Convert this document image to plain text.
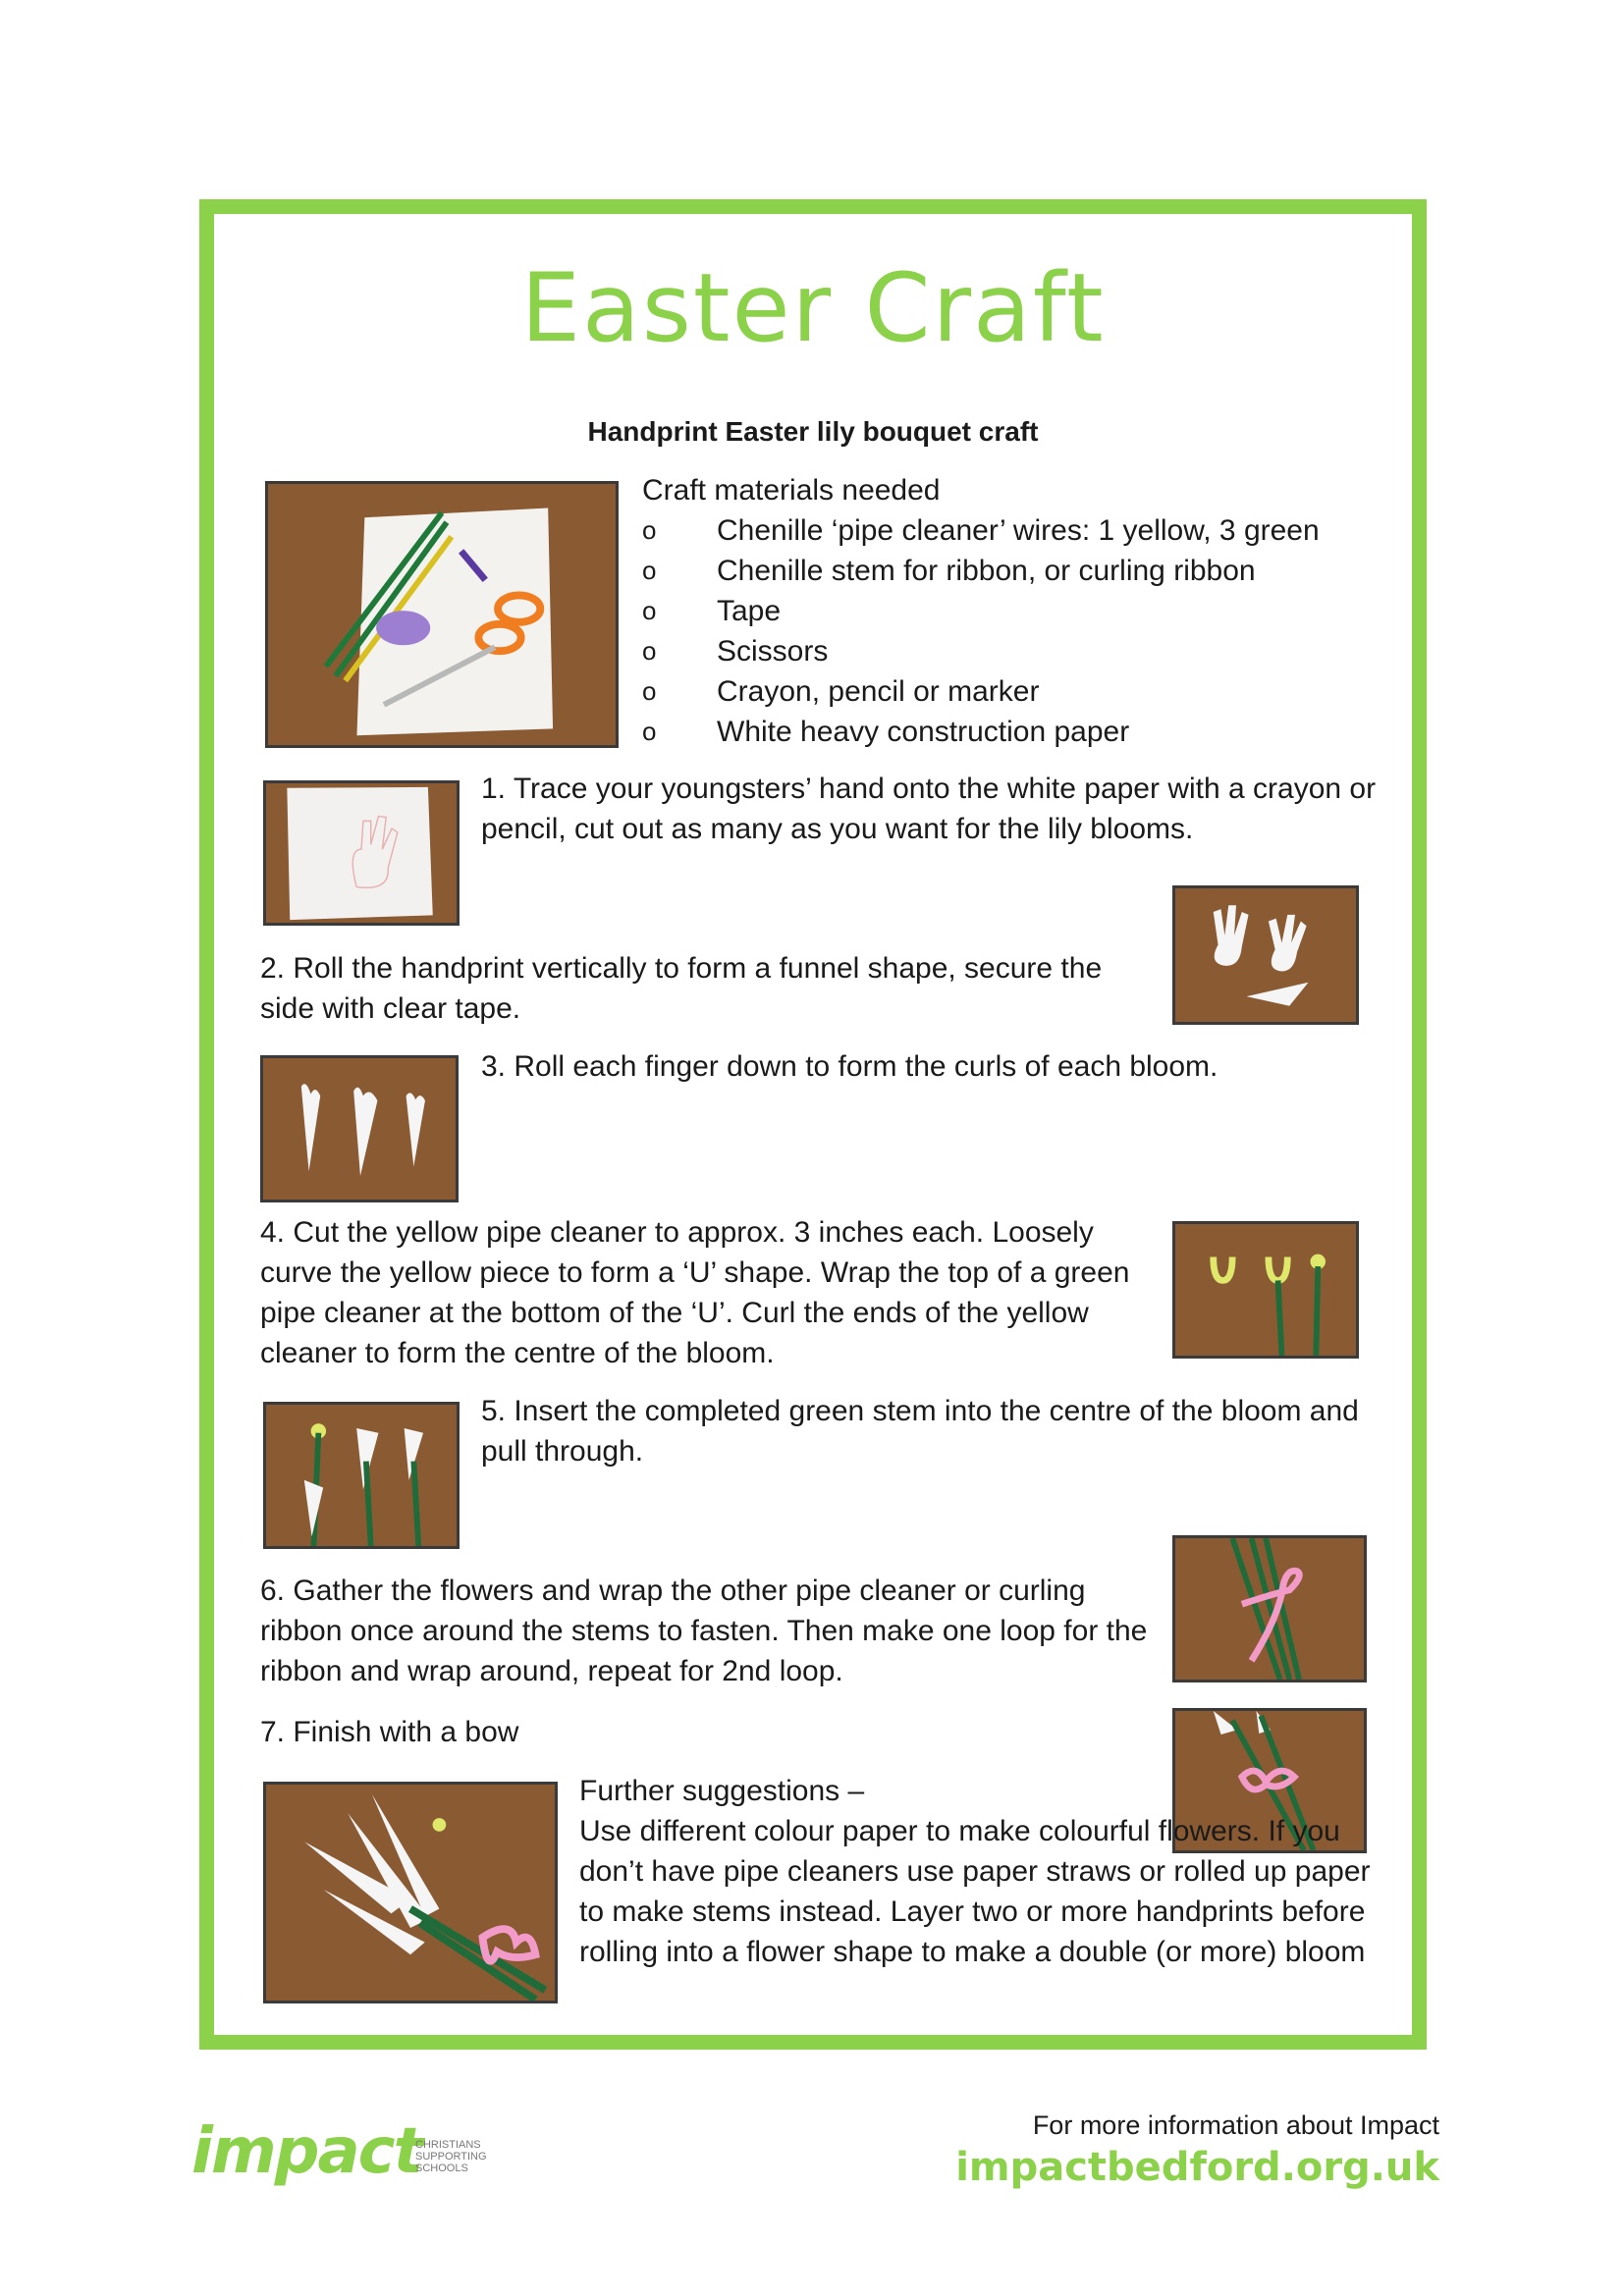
Easter Craft
Handprint Easter lily bouquet craft
Craft materials needed
o Chenille ‘pipe cleaner’ wires: 1 yellow, 3 green
o Chenille stem for ribbon, or curling ribbon
o Tape
o Scissors
o Crayon, pencil or marker
o White heavy construction paper
1. Trace your youngsters’ hand onto the white paper with a crayon or pencil, cut out as many as you want for the lily blooms.
2. Roll the handprint vertically to form a funnel shape, secure the side with clear tape.
3. Roll each finger down to form the curls of each bloom.
4. Cut the yellow pipe cleaner to approx. 3 inches each. Loosely curve the yellow piece to form a ‘U’ shape. Wrap the top of a green pipe cleaner at the bottom of the ‘U’. Curl the ends of the yellow cleaner to form the centre of the bloom.
5. Insert the completed green stem into the centre of the bloom and pull through.
6. Gather the flowers and wrap the other pipe cleaner or curling ribbon once around the stems to fasten. Then make one loop for the ribbon and wrap around, repeat for 2nd loop.
7. Finish with a bow
Further suggestions –
Use different colour paper to make colourful flowers. If you don’t have pipe cleaners use paper straws or rolled up paper to make stems instead. Layer two or more handprints before rolling into a flower shape to make a double (or more) bloom
impact
CHRISTIANS
SUPPORTING
SCHOOLS
For more information about Impact
impactbedford.org.uk
